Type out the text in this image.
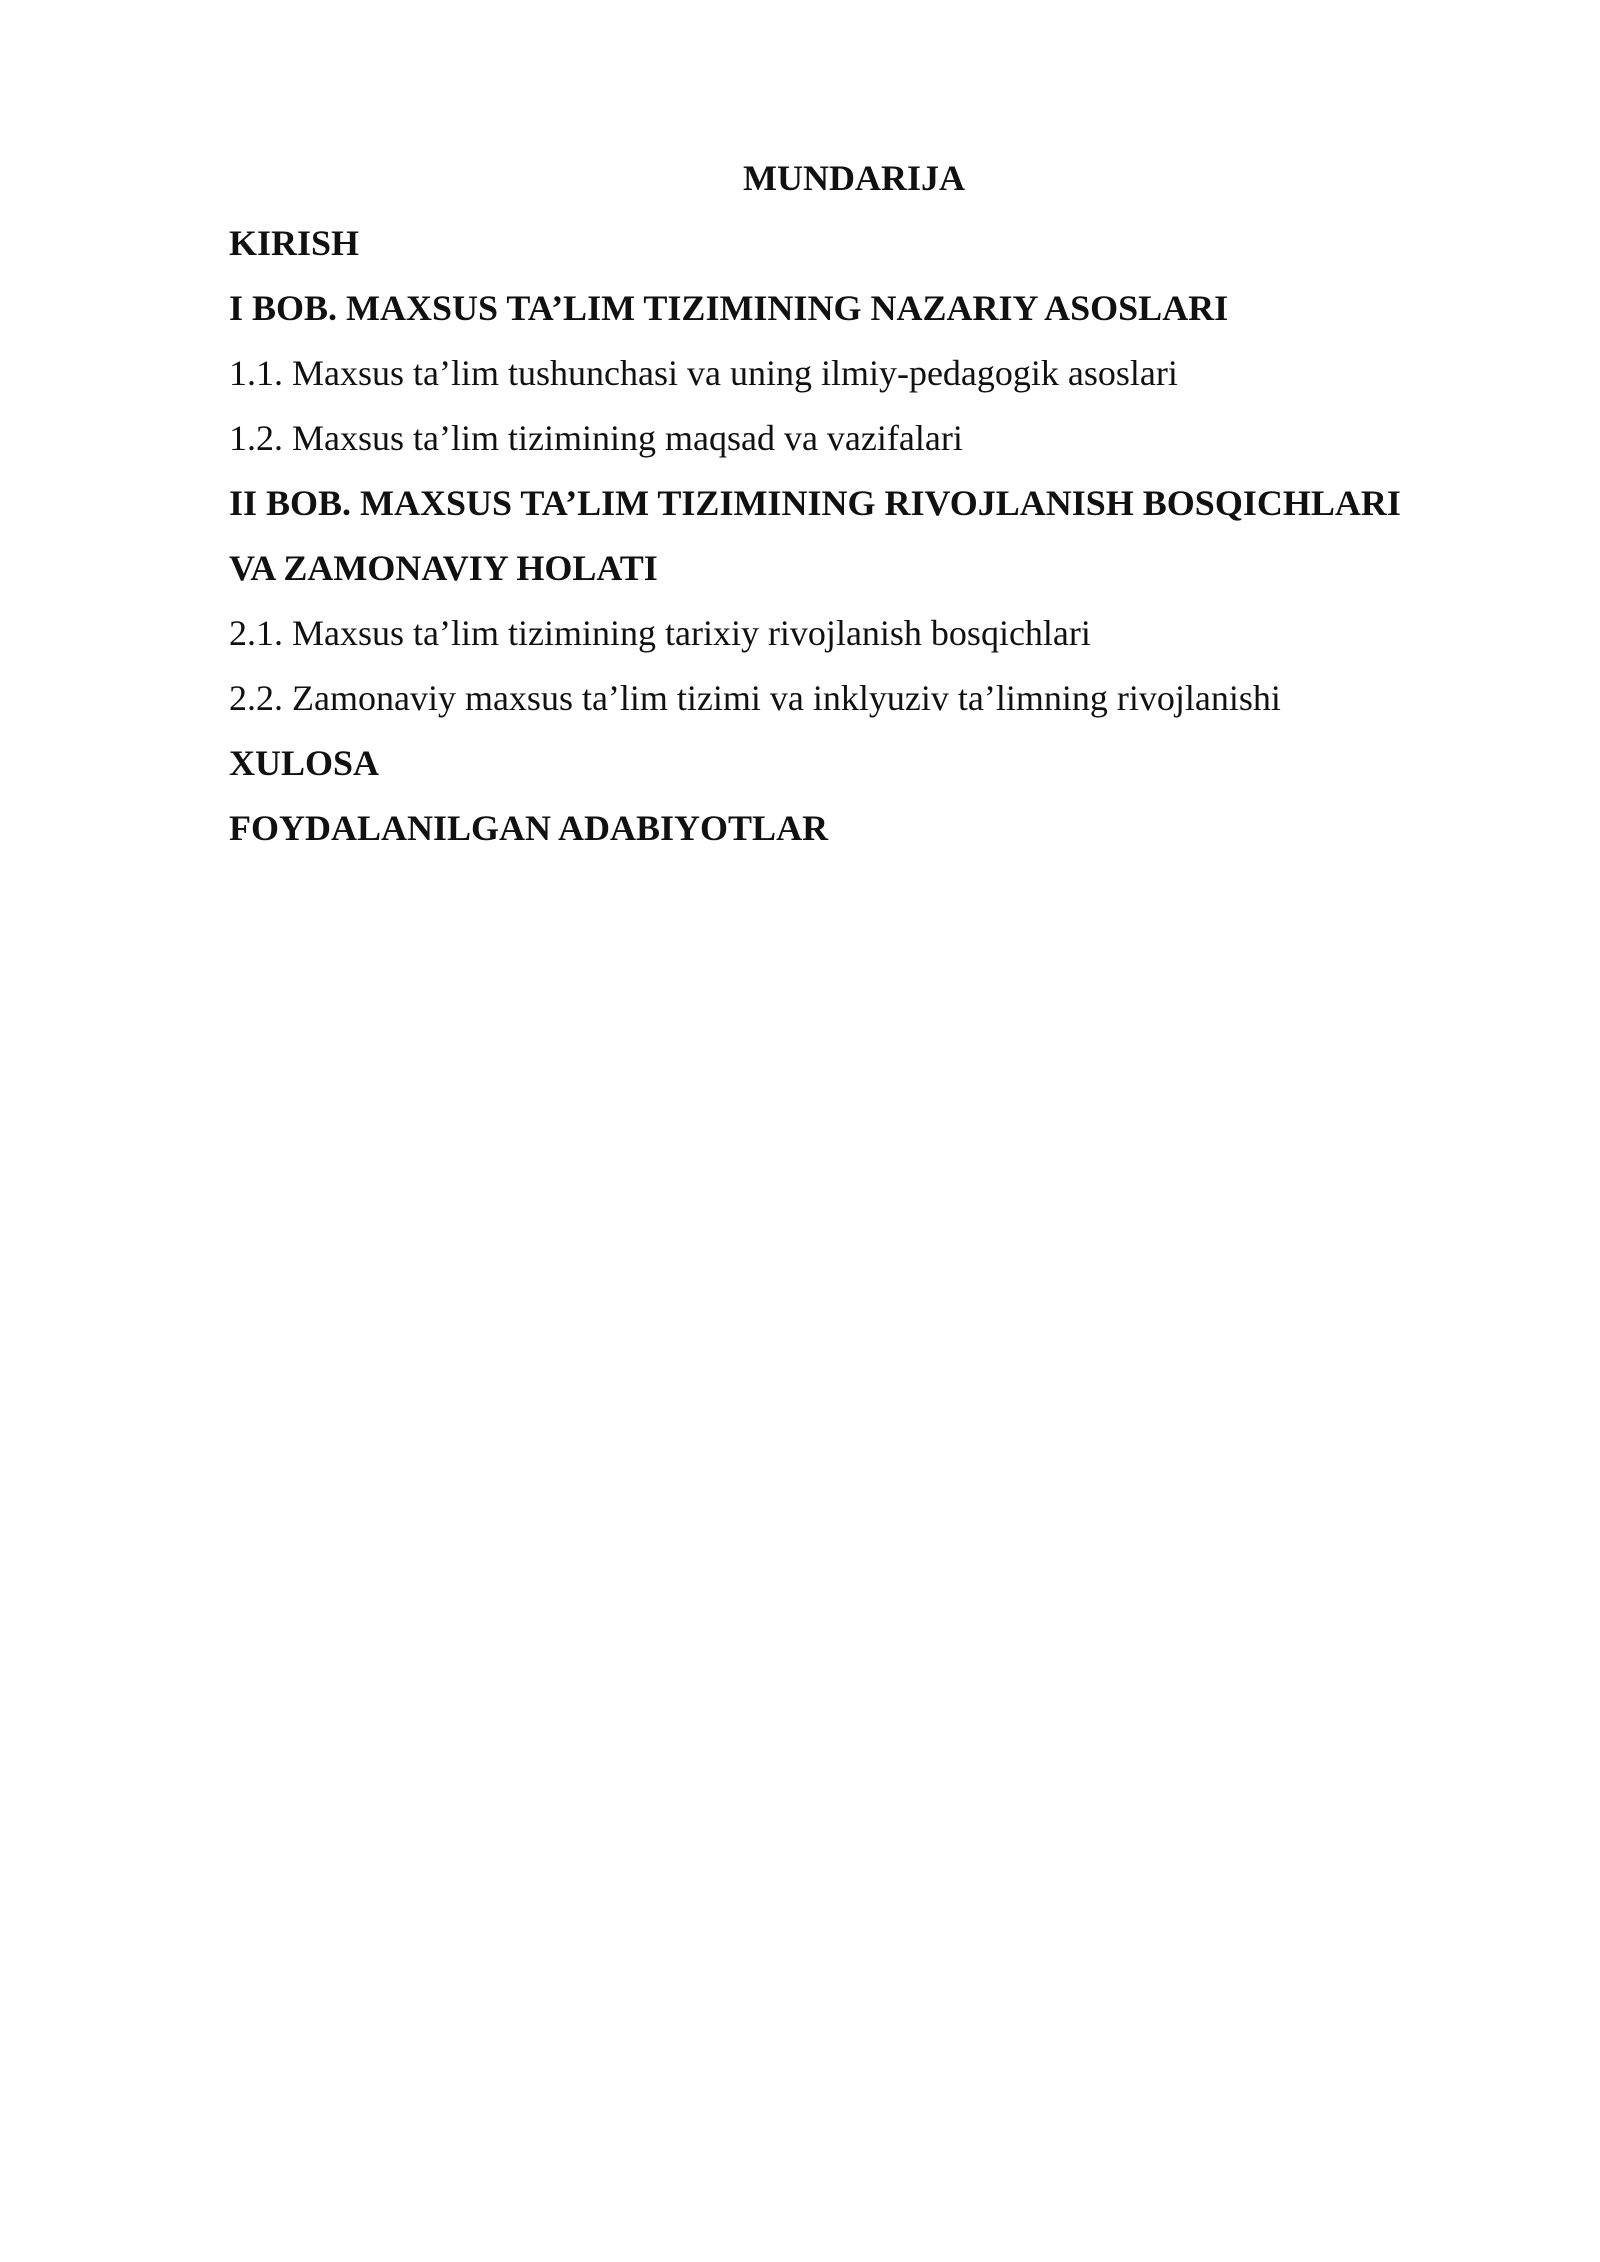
MUNDARIJA
KIRISH
I BOB. MAXSUS TA’LIM TIZIMINING NAZARIY ASOSLARI
1.1. Maxsus ta’lim tushunchasi va uning ilmiy-pedagogik asoslari
1.2. Maxsus ta’lim tizimining maqsad va vazifalari
II BOB. MAXSUS TA’LIM TIZIMINING RIVOJLANISH BOSQICHLARI
VA ZAMONAVIY HOLATI
2.1. Maxsus ta’lim tizimining tarixiy rivojlanish bosqichlari
2.2. Zamonaviy maxsus ta’lim tizimi va inklyuziv ta’limning rivojlanishi
XULOSA
FOYDALANILGAN ADABIYOTLAR
